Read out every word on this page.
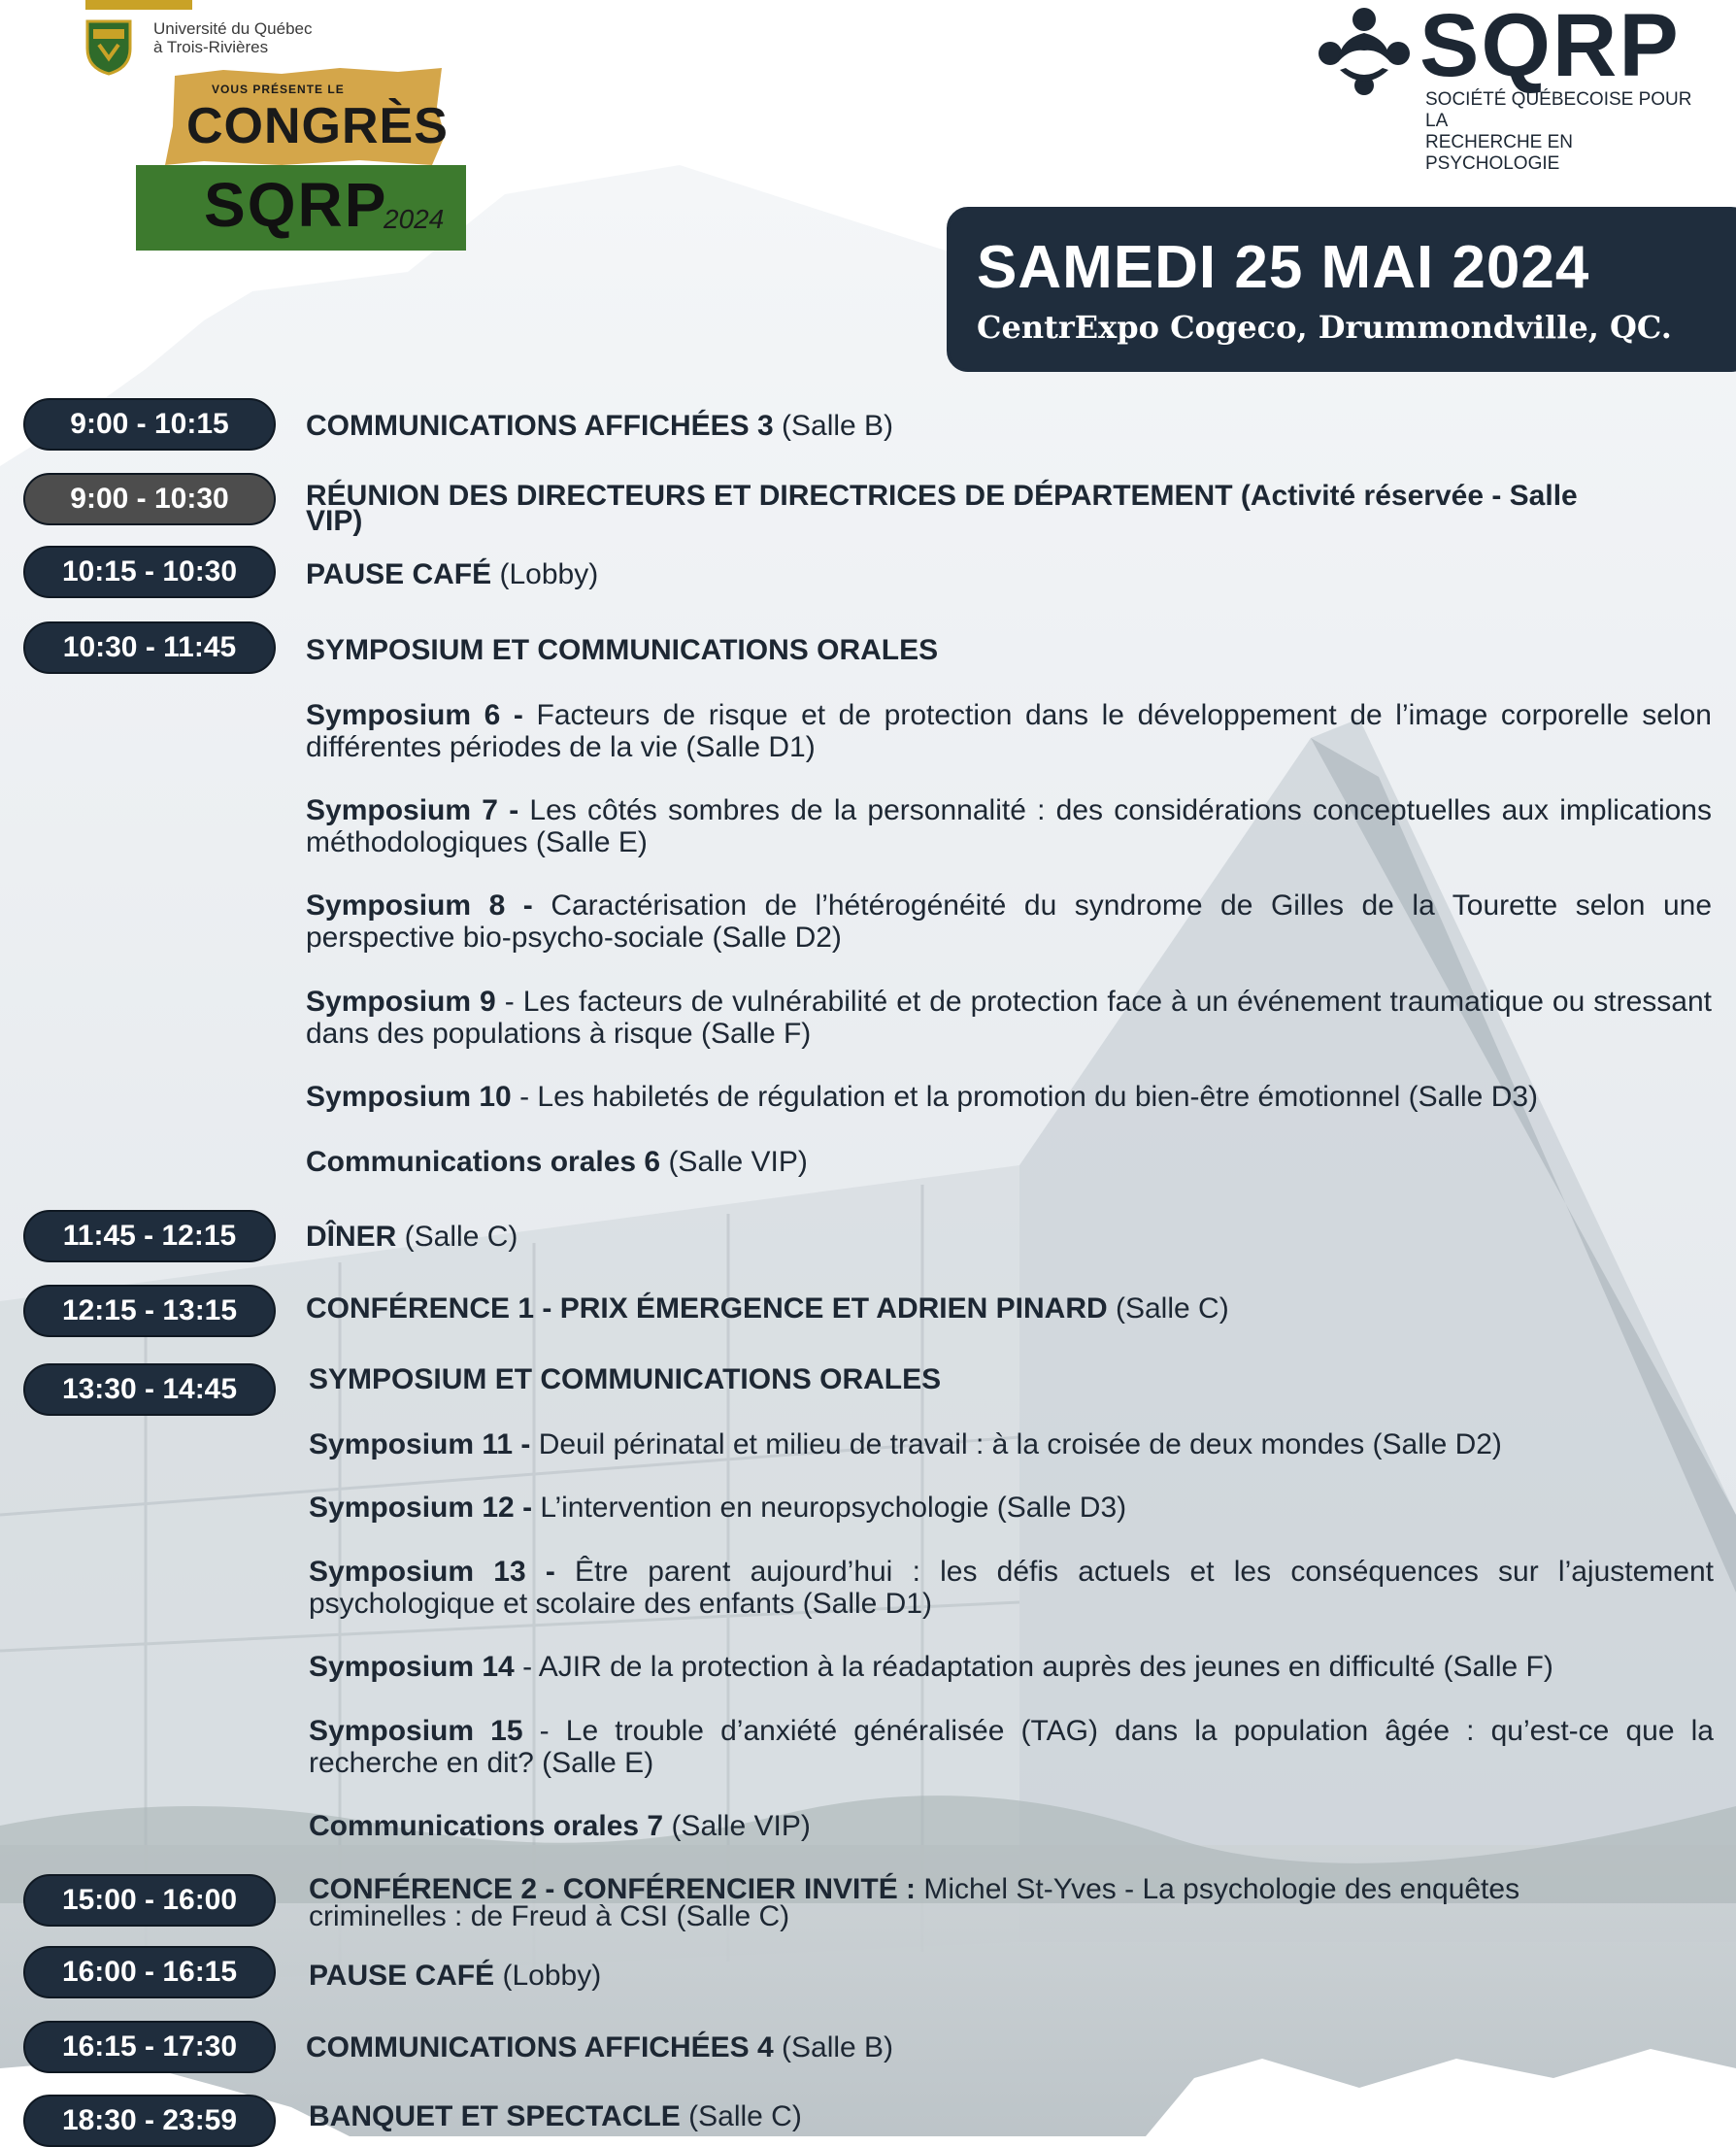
Université du Québec
à Trois-Rivières
VOUS PRÉSENTE LE
CONGRÈS
SQRP
2024
SQRP
SOCIÉTÉ QUÉBECOISE POUR LA
RECHERCHE EN PSYCHOLOGIE
SAMEDI 25 MAI 2024
CentrExpo Cogeco, Drummondville, QC.
9:00 - 10:15	COMMUNICATIONS AFFICHÉES 3 (Salle B)
9:00 - 10:30	RÉUNION DES DIRECTEURS ET DIRECTRICES DE DÉPARTEMENT (Activité réservée - Salle VIP)
10:15 - 10:30	PAUSE CAFÉ (Lobby)
10:30 - 11:45	SYMPOSIUM ET COMMUNICATIONS ORALES
Symposium 6 - Facteurs de risque et de protection dans le développement de l’image corporelle selon différentes périodes de la vie (Salle D1)
Symposium 7 - Les côtés sombres de la personnalité : des considérations conceptuelles aux implications méthodologiques (Salle E)
Symposium 8 - Caractérisation de l’hétérogénéité du syndrome de Gilles de la Tourette selon une perspective bio-psycho-sociale (Salle D2)
Symposium 9 - Les facteurs de vulnérabilité et de protection face à un événement traumatique ou stressant dans des populations à risque (Salle F)
Symposium 10 - Les habiletés de régulation et la promotion du bien-être émotionnel (Salle D3)
Communications orales 6 (Salle VIP)
11:45 - 12:15	DÎNER (Salle C)
12:15 - 13:15	CONFÉRENCE 1 - PRIX ÉMERGENCE ET ADRIEN PINARD (Salle C)
13:30 - 14:45	SYMPOSIUM ET COMMUNICATIONS ORALES
Symposium 11 - Deuil périnatal et milieu de travail : à la croisée de deux mondes (Salle D2)
Symposium 12 - L’intervention en neuropsychologie (Salle D3)
Symposium 13 - Être parent aujourd’hui : les défis actuels et les conséquences sur l’ajustement psychologique et scolaire des enfants (Salle D1)
Symposium 14 - AJIR de la protection à la réadaptation auprès des jeunes en difficulté (Salle F)
Symposium 15 - Le trouble d’anxiété généralisée (TAG) dans la population âgée : qu’est-ce que la recherche en dit? (Salle E)
Communications orales 7 (Salle VIP)
15:00 - 16:00	CONFÉRENCE 2 - CONFÉRENCIER INVITÉ : Michel St-Yves - La psychologie des enquêtes criminelles : de Freud à CSI (Salle C)
16:00 - 16:15	PAUSE CAFÉ (Lobby)
16:15 - 17:30	COMMUNICATIONS AFFICHÉES 4 (Salle B)
18:30 - 23:59	BANQUET ET SPECTACLE (Salle C)
